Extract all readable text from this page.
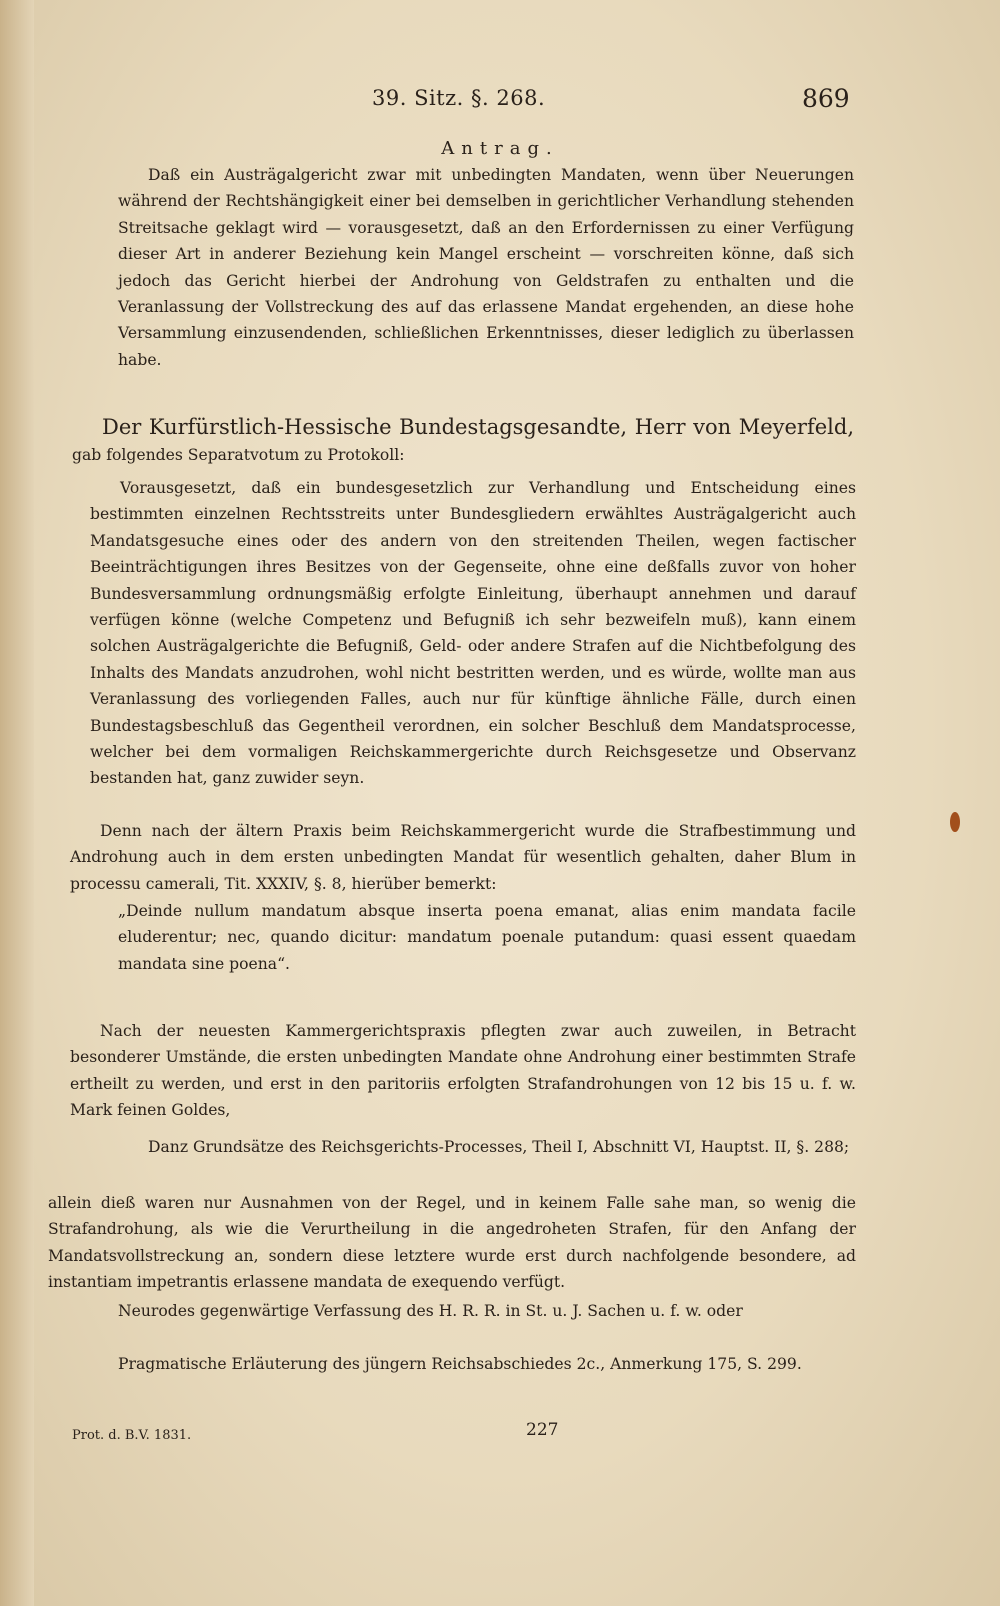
39. Sitz. §. 268.	869
Antrag.

Daß ein Austrägalgericht zwar mit unbedingten Mandaten, wenn über Neuerungen während der Rechtshängigkeit einer bei demselben in gerichtlicher Verhandlung stehenden Streitsache geklagt wird — vorausgesetzt, daß an den Erfordernissen zu einer Verfügung dieser Art in anderer Beziehung kein Mangel erscheint — vorschreiten könne, daß sich jedoch das Gericht hierbei der Androhung von Geldstrafen zu enthalten und die Veranlassung der Vollstreckung des auf das erlassene Mandat ergehenden, an diese hohe Versammlung einzusendenden, schließlichen Erkenntnisses, dieser lediglich zu überlassen habe.

Der Kurfürstlich-Hessische Bundestagsgesandte, Herr von Meyerfeld, gab folgendes Separatvotum zu Protokoll:

Vorausgesetzt, daß ein bundesgesetzlich zur Verhandlung und Entscheidung eines bestimmten einzelnen Rechtsstreits unter Bundesgliedern erwähltes Austrägalgericht auch Mandatsgesuche eines oder des andern von den streitenden Theilen, wegen factischer Beeinträchtigungen ihres Besitzes von der Gegenseite, ohne eine deßfalls zuvor von hoher Bundesversammlung ordnungsmäßig erfolgte Einleitung, überhaupt annehmen und darauf verfügen könne (welche Competenz und Befugniß ich sehr bezweifeln muß), kann einem solchen Austrägalgerichte die Befugniß, Geld- oder andere Strafen auf die Nichtbefolgung des Inhalts des Mandats anzudrohen, wohl nicht bestritten werden, und es würde, wollte man aus Veranlassung des vorliegenden Falles, auch nur für künftige ähnliche Fälle, durch einen Bundestagsbeschluß das Gegentheil verordnen, ein solcher Beschluß dem Mandatsprocesse, welcher bei dem vormaligen Reichskammergerichte durch Reichsgesetze und Observanz bestanden hat, ganz zuwider seyn.

Denn nach der ältern Praxis beim Reichskammergericht wurde die Strafbestimmung und Androhung auch in dem ersten unbedingten Mandat für wesentlich gehalten, daher Blum in processu camerali, Tit. XXXIV, §. 8, hierüber bemerkt:

„Deinde nullum mandatum absque inserta poena emanat, alias enim mandata facile eluderentur; nec, quando dicitur: mandatum poenale putandum: quasi essent quaedam mandata sine poena“.

Nach der neuesten Kammergerichtspraxis pflegten zwar auch zuweilen, in Betracht besonderer Umstände, die ersten unbedingten Mandate ohne Androhung einer bestimmten Strafe ertheilt zu werden, und erst in den paritoriis erfolgten Strafandrohungen von 12 bis 15 u. f. w. Mark feinen Goldes,

Danz Grundsätze des Reichsgerichts-Processes, Theil I, Abschnitt VI, Hauptst. II, §. 288;

allein dieß waren nur Ausnahmen von der Regel, und in keinem Falle sahe man, so wenig die Strafandrohung, als wie die Verurtheilung in die angedroheten Strafen, für den Anfang der Mandatsvollstreckung an, sondern diese letztere wurde erst durch nachfolgende besondere, ad instantiam impetrantis erlassene mandata de exequendo verfügt.

Neurodes gegenwärtige Verfassung des H. R. R. in St. u. J. Sachen u. f. w. oder

Pragmatische Erläuterung des jüngern Reichsabschiedes 2c., Anmerkung 175, S. 299.

Prot. d. B.V. 1831.	227
